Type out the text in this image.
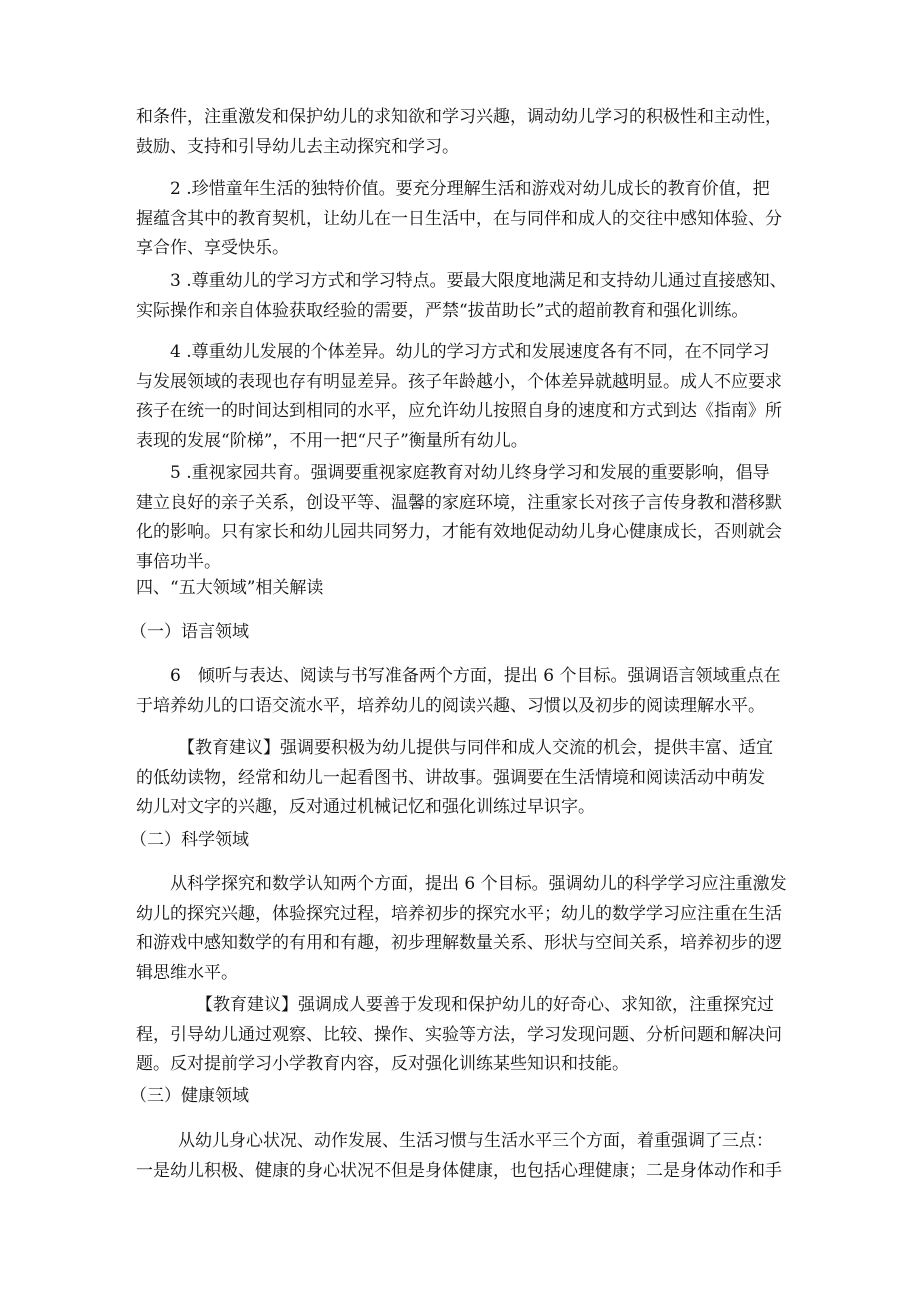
和条件，注重激发和保护幼儿的求知欲和学习兴趣，调动幼儿学习的积极性和主动性，
鼓励、支持和引导幼儿去主动探究和学习。
2 .珍惜童年生活的独特价值。要充分理解生活和游戏对幼儿成长的教育价值，把
握蕴含其中的教育契机，让幼儿在一日生活中，在与同伴和成人的交往中感知体验、分
享合作、享受快乐。
3 .尊重幼儿的学习方式和学习特点。要最大限度地满足和支持幼儿通过直接感知、
实际操作和亲自体验获取经验的需要，严禁“拔苗助长”式的超前教育和强化训练。
4 .尊重幼儿发展的个体差异。幼儿的学习方式和发展速度各有不同，在不同学习
与发展领域的表现也存有明显差异。孩子年龄越小，个体差异就越明显。成人不应要求
孩子在统一的时间达到相同的水平，应允许幼儿按照自身的速度和方式到达《指南》所
表现的发展“阶梯”，不用一把“尺子”衡量所有幼儿。
5 .重视家园共育。强调要重视家庭教育对幼儿终身学习和发展的重要影响，倡导
建立良好的亲子关系，创设平等、温馨的家庭环境，注重家长对孩子言传身教和潜移默
化的影响。只有家长和幼儿园共同努力，才能有效地促动幼儿身心健康成长，否则就会
事倍功半。
四、“五大领域”相关解读
（一）语言领域
6　倾听与表达、阅读与书写准备两个方面，提出 6 个目标。强调语言领域重点在
于培养幼儿的口语交流水平，培养幼儿的阅读兴趣、习惯以及初步的阅读理解水平。
【教育建议】强调要积极为幼儿提供与同伴和成人交流的机会，提供丰富、适宜
的低幼读物，经常和幼儿一起看图书、讲故事。强调要在生活情境和阅读活动中萌发
幼儿对文字的兴趣，反对通过机械记忆和强化训练过早识字。
（二）科学领域
从科学探究和数学认知两个方面，提出 6 个目标。强调幼儿的科学学习应注重激发
幼儿的探究兴趣，体验探究过程，培养初步的探究水平；幼儿的数学学习应注重在生活
和游戏中感知数学的有用和有趣，初步理解数量关系、形状与空间关系，培养初步的逻
辑思维水平。
【教育建议】强调成人要善于发现和保护幼儿的好奇心、求知欲，注重探究过
程，引导幼儿通过观察、比较、操作、实验等方法，学习发现问题、分析问题和解决问
题。反对提前学习小学教育内容，反对强化训练某些知识和技能。
（三）健康领域
从幼儿身心状况、动作发展、生活习惯与生活水平三个方面，着重强调了三点：
一是幼儿积极、健康的身心状况不但是身体健康，也包括心理健康；二是身体动作和手
